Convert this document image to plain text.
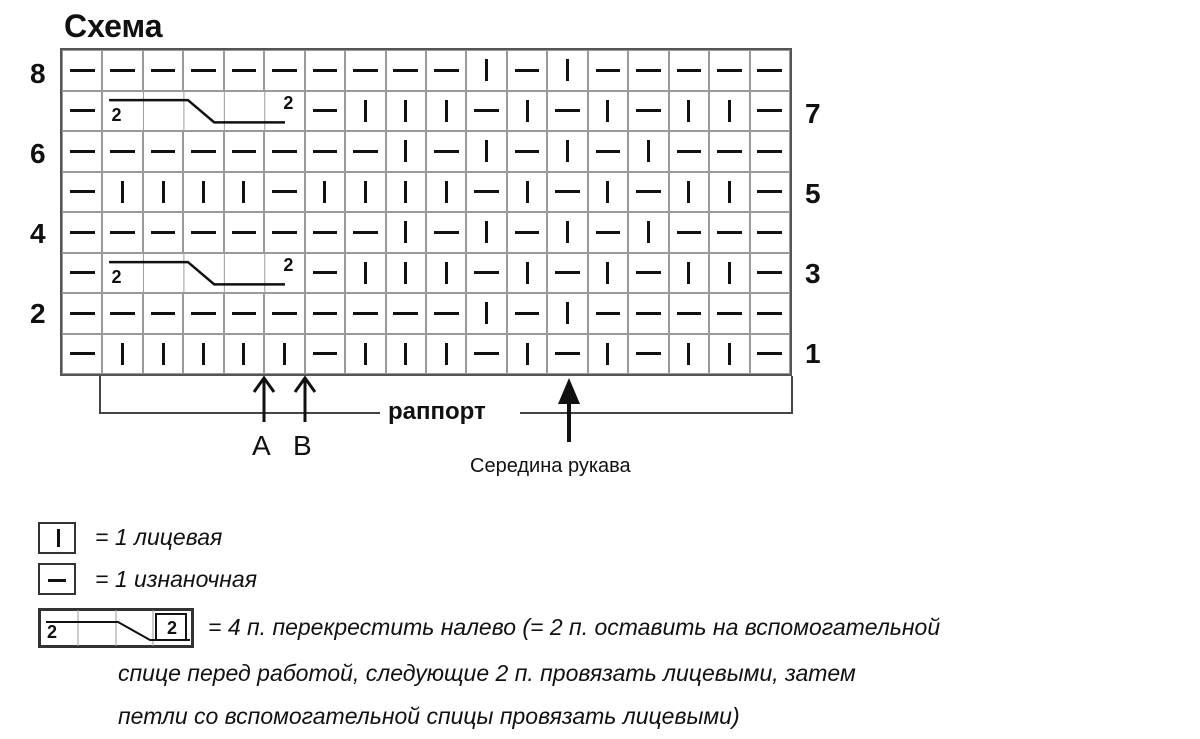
Схема
8
6
4
2
7
5
3
1
2
2
2
2
A B
раппорт
Середина рукава
= 1 лицевая
= 1 изнаночная
2	2 = 4 п. перекрестить налево (= 2 п. оставить на вспомогательной
спице перед работой, следующие 2 п. провязать лицевыми, затем
петли со вспомогательной спицы провязать лицевыми)
